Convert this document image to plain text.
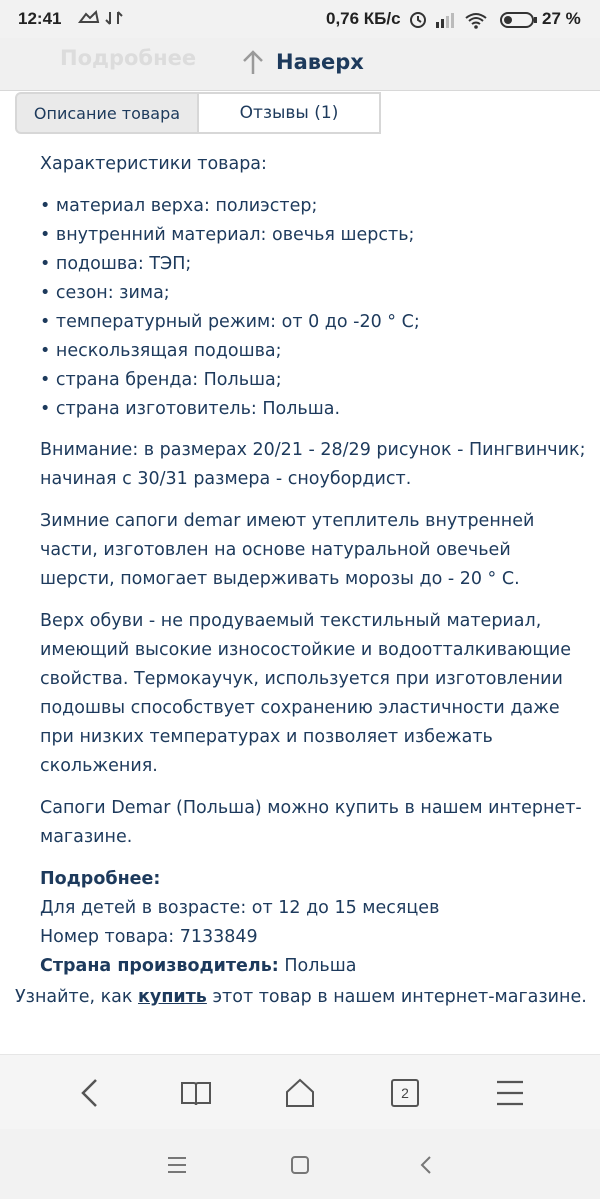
12:41	0,76 КБ/с	27 %
Подробнее	Наверх
Описание товара	Отзывы (1)

Характеристики товара:

• материал верха: полиэстер;
• внутренний материал: овечья шерсть;
• подошва: ТЭП;
• сезон: зима;
• температурный режим: от 0 до -20 ° С;
• нескользящая подошва;
• страна бренда: Польша;
• страна изготовитель: Польша.

Внимание: в размерах 20/21 - 28/29 рисунок - Пингвинчик; начиная с 30/31 размера - сноубордист.

Зимние сапоги demar имеют утеплитель внутренней части, изготовлен на основе натуральной овечьей шерсти, помогает выдерживать морозы до - 20 ° С.

Верх обуви - не продуваемый текстильный материал, имеющий высокие износостойкие и водоотталкивающие свойства. Термокаучук, используется при изготовлении подошвы способствует сохранению эластичности даже при низких температурах и позволяет избежать скольжения.

Сапоги Demar (Польша) можно купить в нашем интернет-магазине.

Подробнее:

Для детей в возрасте: от 12 до 15 месяцев

Номер товара: 7133849

Страна производитель: Польша

Узнайте, как купить этот товар в нашем интернет-магазине.
2
